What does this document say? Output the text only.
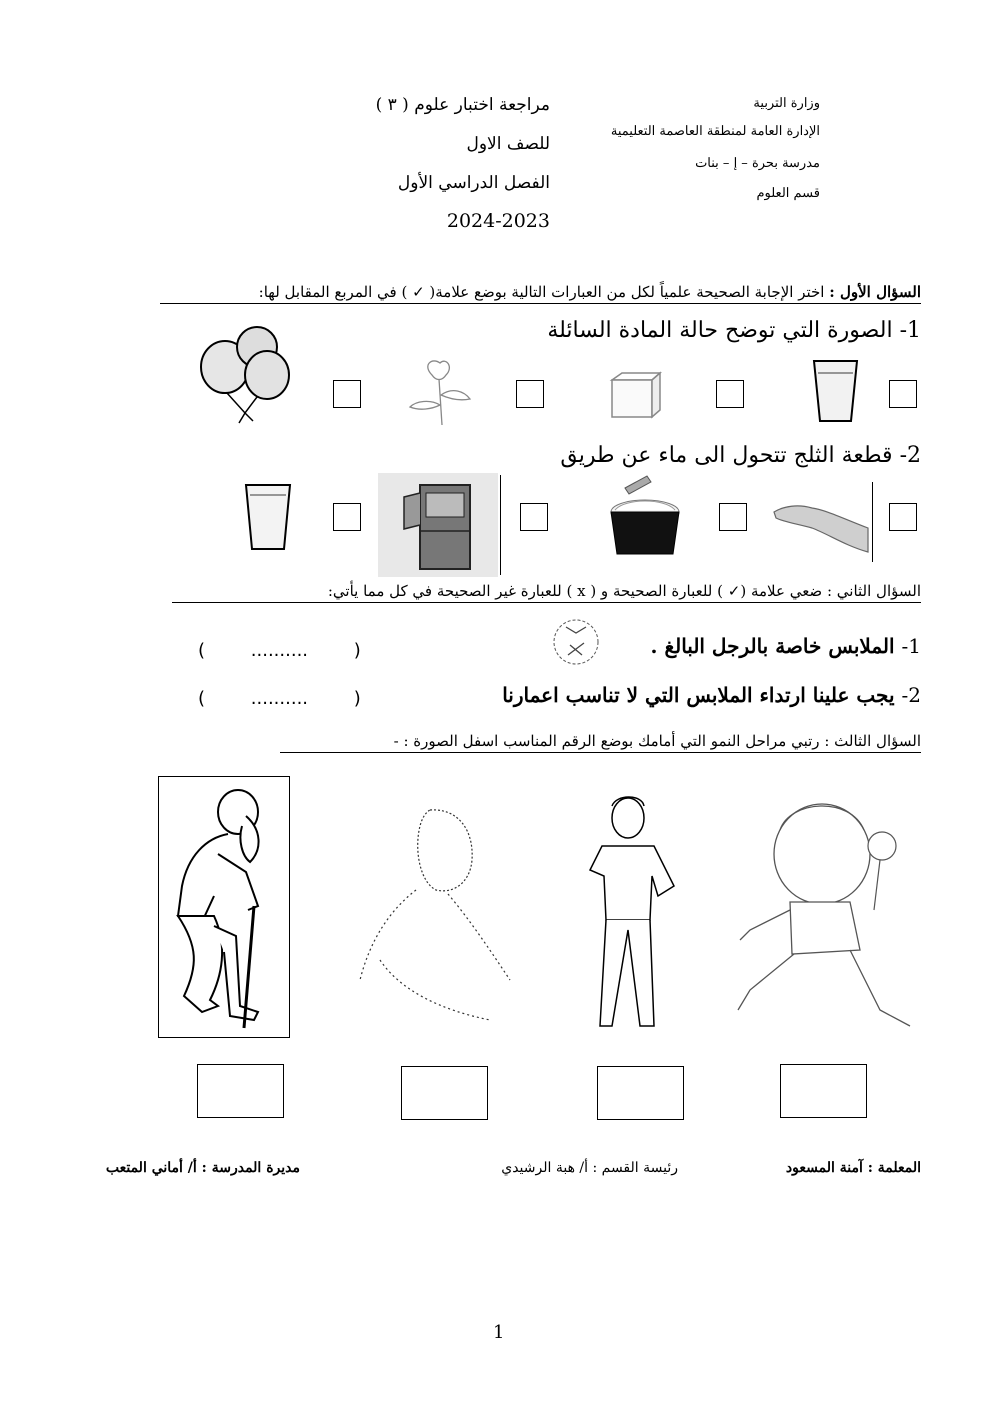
وزارة التربية
الإدارة العامة لمنطقة العاصمة التعليمية
مدرسة بحرة – إ – بنات
قسم العلوم
مراجعة اختبار علوم ( ٣ )
للصف الاول
الفصل الدراسي الأول
2024-2023
السؤال الأول : اختر الإجابة الصحيحة علمياً لكل من العبارات التالية بوضع علامة( ✓ ) في المربع المقابل لها:
1- الصورة التي توضح حالة المادة السائلة
2- قطعة الثلج تتحول الى ماء عن طريق
السؤال الثاني : ضعي علامة (✓ ) للعبارة الصحيحة و ( x ) للعبارة غير الصحيحة في كل مما يأتي:
1- الملابس خاصة بالرجل البالغ .
(        ..........        )
2- يجب علينا ارتداء الملابس التي لا تناسب اعمارنا
(        ..........        )
السؤال الثالث : رتبي مراحل النمو التي أمامك بوضع الرقم المناسب اسفل الصورة : -
المعلمة : آمنة المسعود
رئيسة القسم : أ/ هبة الرشيدي
مديرة المدرسة : أ/ أماني المتعب
1
